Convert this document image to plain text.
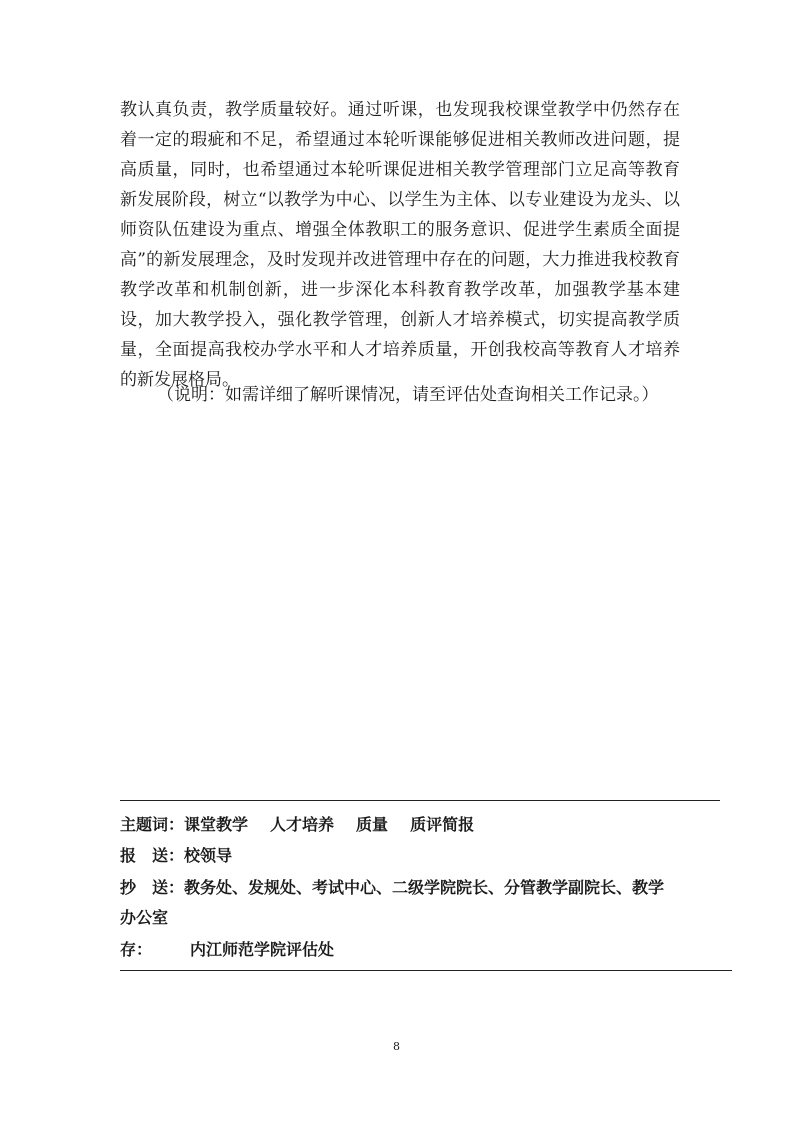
教认真负责，教学质量较好。通过听课，也发现我校课堂教学中仍然存在着一定的瑕疵和不足，希望通过本轮听课能够促进相关教师改进问题，提高质量，同时，也希望通过本轮听课促进相关教学管理部门立足高等教育新发展阶段，树立“以教学为中心、以学生为主体、以专业建设为龙头、以师资队伍建设为重点、增强全体教职工的服务意识、促进学生素质全面提高”的新发展理念，及时发现并改进管理中存在的问题，大力推进我校教育教学改革和机制创新，进一步深化本科教育教学改革，加强教学基本建设，加大教学投入，强化教学管理，创新人才培养模式，切实提高教学质量，全面提高我校办学水平和人才培养质量，开创我校高等教育人才培养的新发展格局。

（说明：如需详细了解听课情况，请至评估处查询相关工作记录。）

主题词：课堂教学 人才培养 质量 质评简报
报　送：校领导
抄　送：教务处、发规处、考试中心、二级学院院长、分管教学副院长、教学
办公室
存： 内江师范学院评估处
8
